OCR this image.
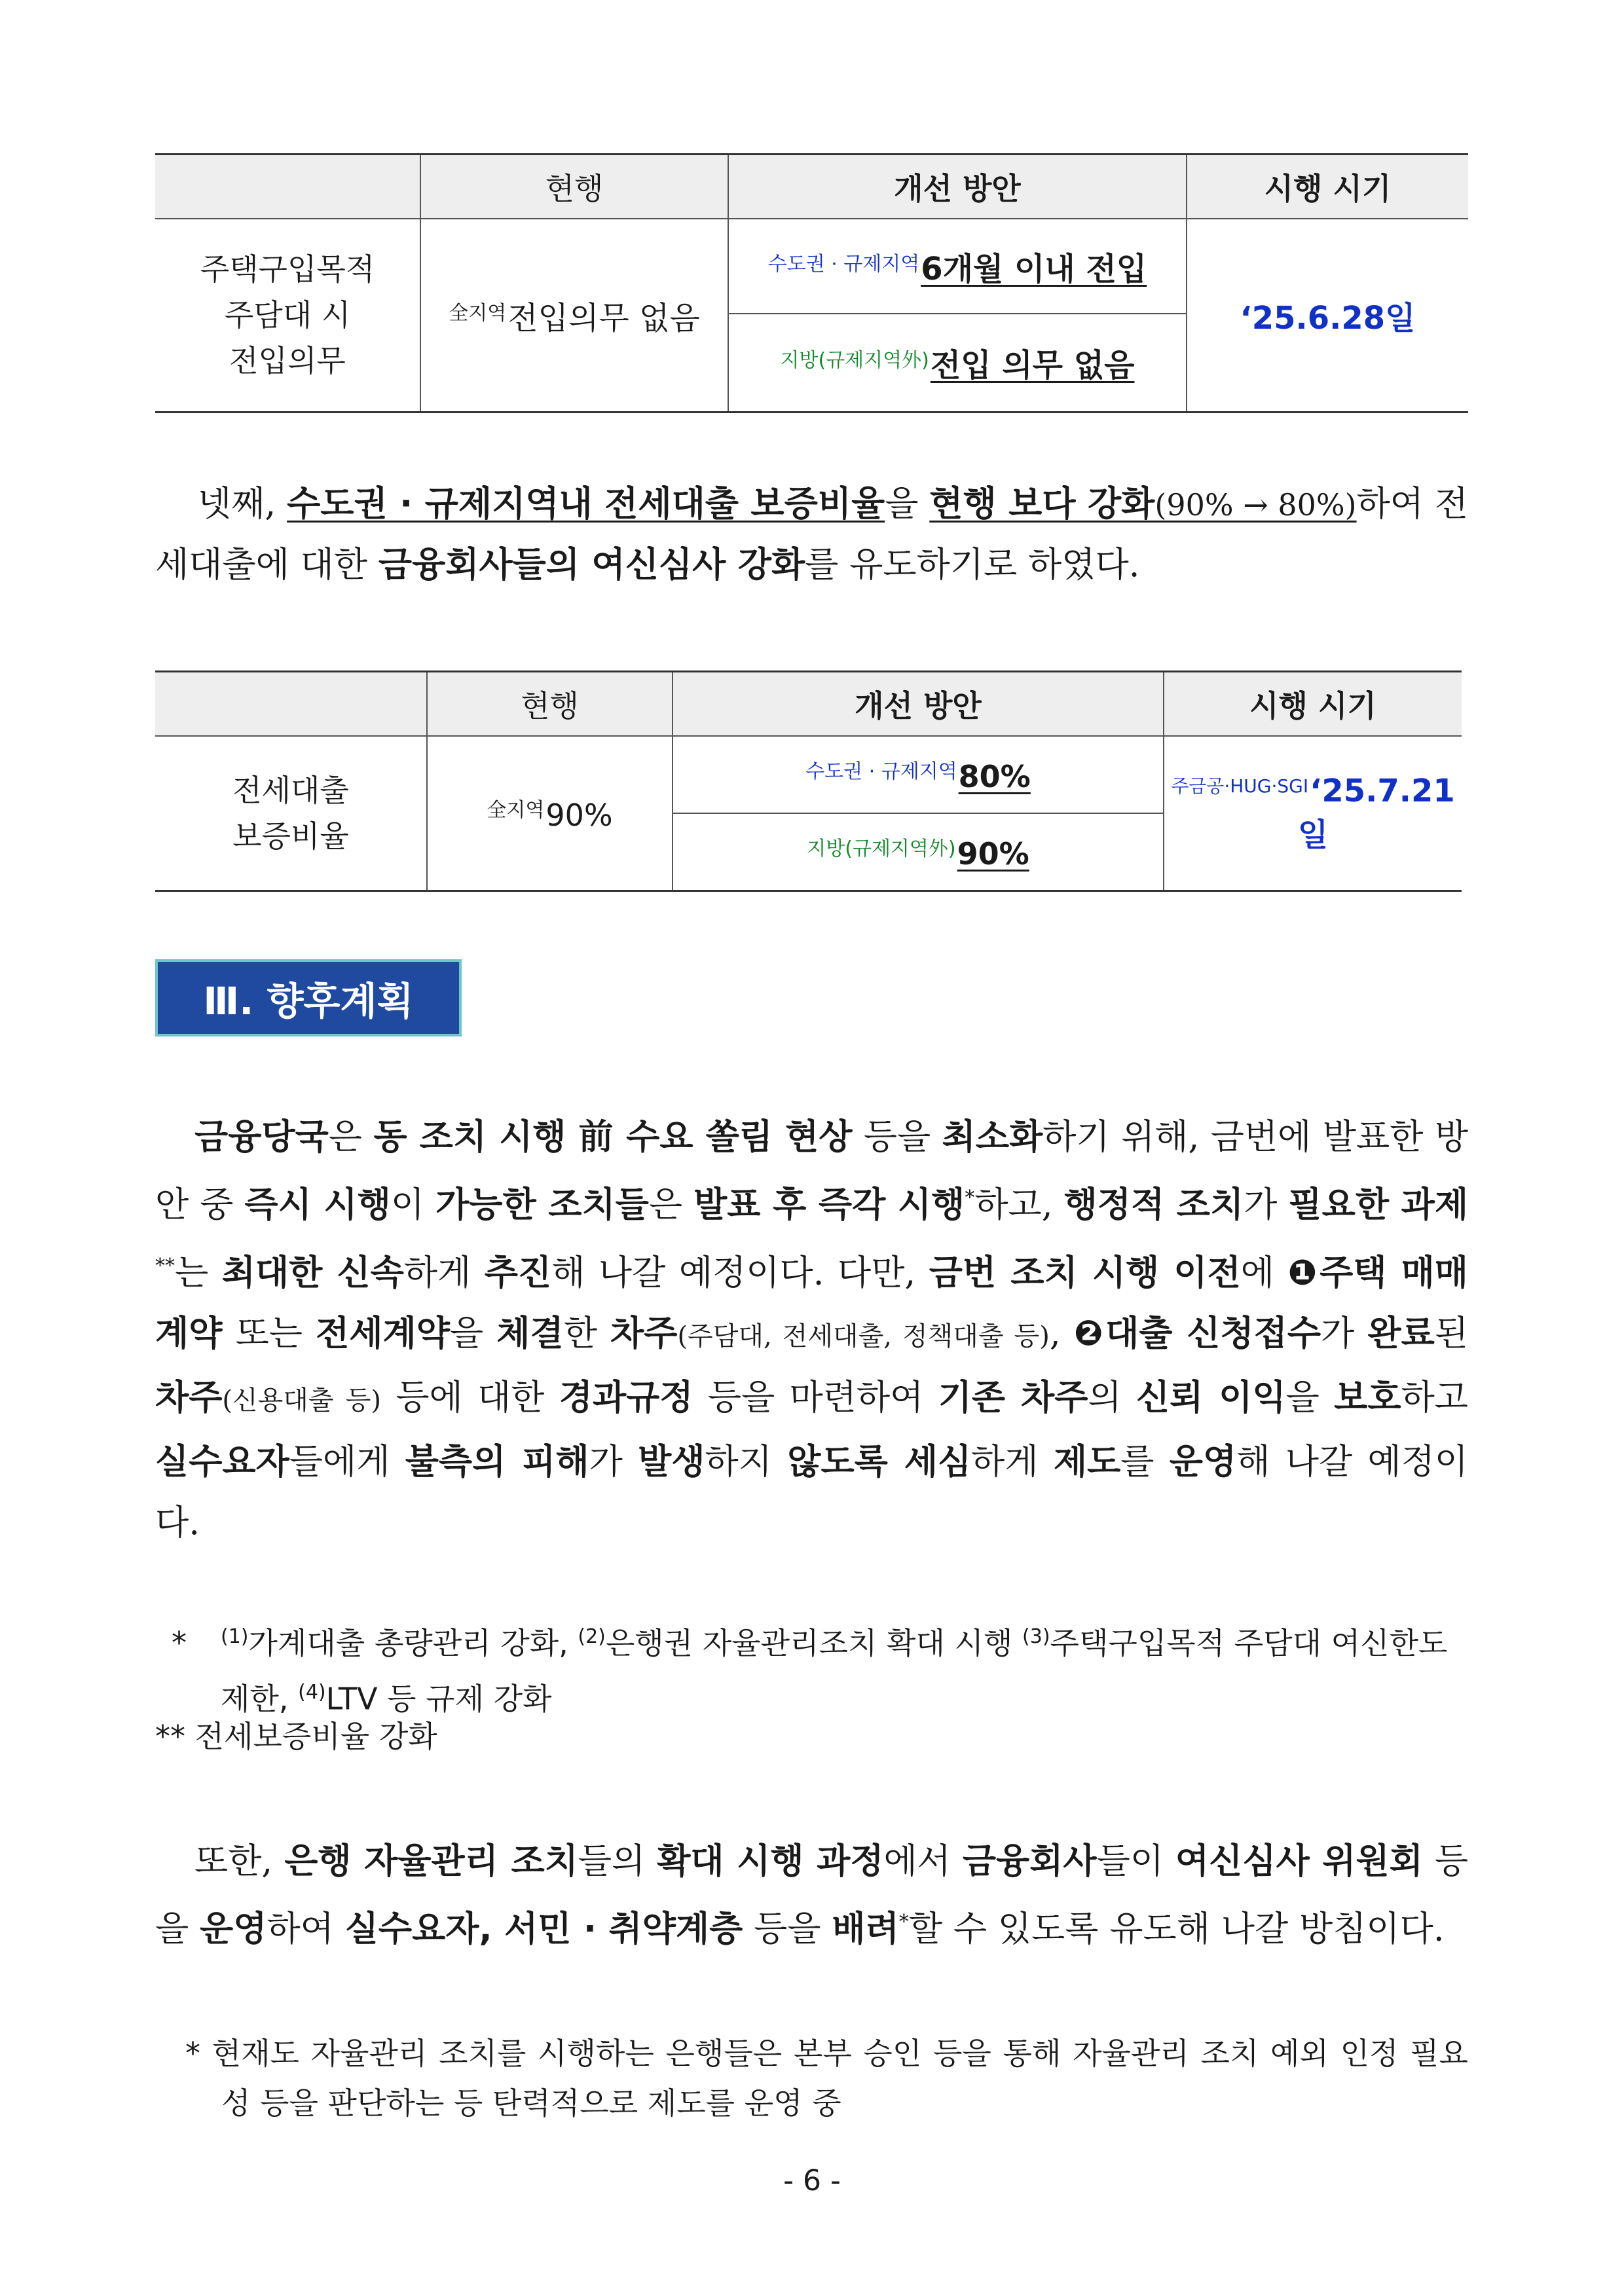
	현행	개선 방안	시행 시기

주택구입목적
주담대 시
전입의무	$^{全지역}$전입의무 없음	$^{수도권 \cdot 규제지역}$6개월 이내 전입	‘25.6.28일
		$^{지방(규제지역外)}$전입 의무 없음	
넷째, 수도권 · 규제지역내 전세대출 보증비율을 현행 보다 강화(90% → 80%)하여 전세대출에 대한 금융회사들의 여신심사 강화를 유도하기로 하였다.
	현행	개선 방안	시행 시기

전세대출
보증비율	$^{全지역}$90%	$^{수도권 \cdot 규제지역}$80%	주금공·HUG·SGI‘25.7.21일
		$^{지방(규제지역外)}$90%	
Ⅲ. 향후계획
금융당국은 동 조치 시행 前 수요 쏠림 현상 등을 최소화하기 위해, 금번에 발표한 방안 중 즉시 시행이 가능한 조치들은 발표 후 즉각 시행*하고, 행정적 조치가 필요한 과제**는 최대한 신속하게 추진해 나갈 예정이다. 다만, 금번 조치 시행 이전에 ❶주택 매매계약 또는 전세계약을 체결한 차주(주담대, 전세대출, 정책대출 등), ❷대출 신청접수가 완료된 차주(신용대출 등) 등에 대한 경과규정 등을 마련하여 기존 차주의 신뢰 이익을 보호하고 실수요자들에게 불측의 피해가 발생하지 않도록 세심하게 제도를 운영해 나갈 예정이다.
* $^{(1)}$가계대출 총량관리 강화, $^{(2)}$은행권 자율관리조치 확대 시행 $^{(3)}$주택구입목적 주담대 여신한도 제한, $^{(4)}$LTV 등 규제 강화
** 전세보증비율 강화
또한, 은행 자율관리 조치들의 확대 시행 과정에서 금융회사들이 여신심사 위원회 등을 운영하여 실수요자, 서민 · 취약계층 등을 배려*할 수 있도록 유도해 나갈 방침이다.
* 현재도 자율관리 조치를 시행하는 은행들은 본부 승인 등을 통해 자율관리 조치 예외 인정 필요성 등을 판단하는 등 탄력적으로 제도를 운영 중
- 6 -
